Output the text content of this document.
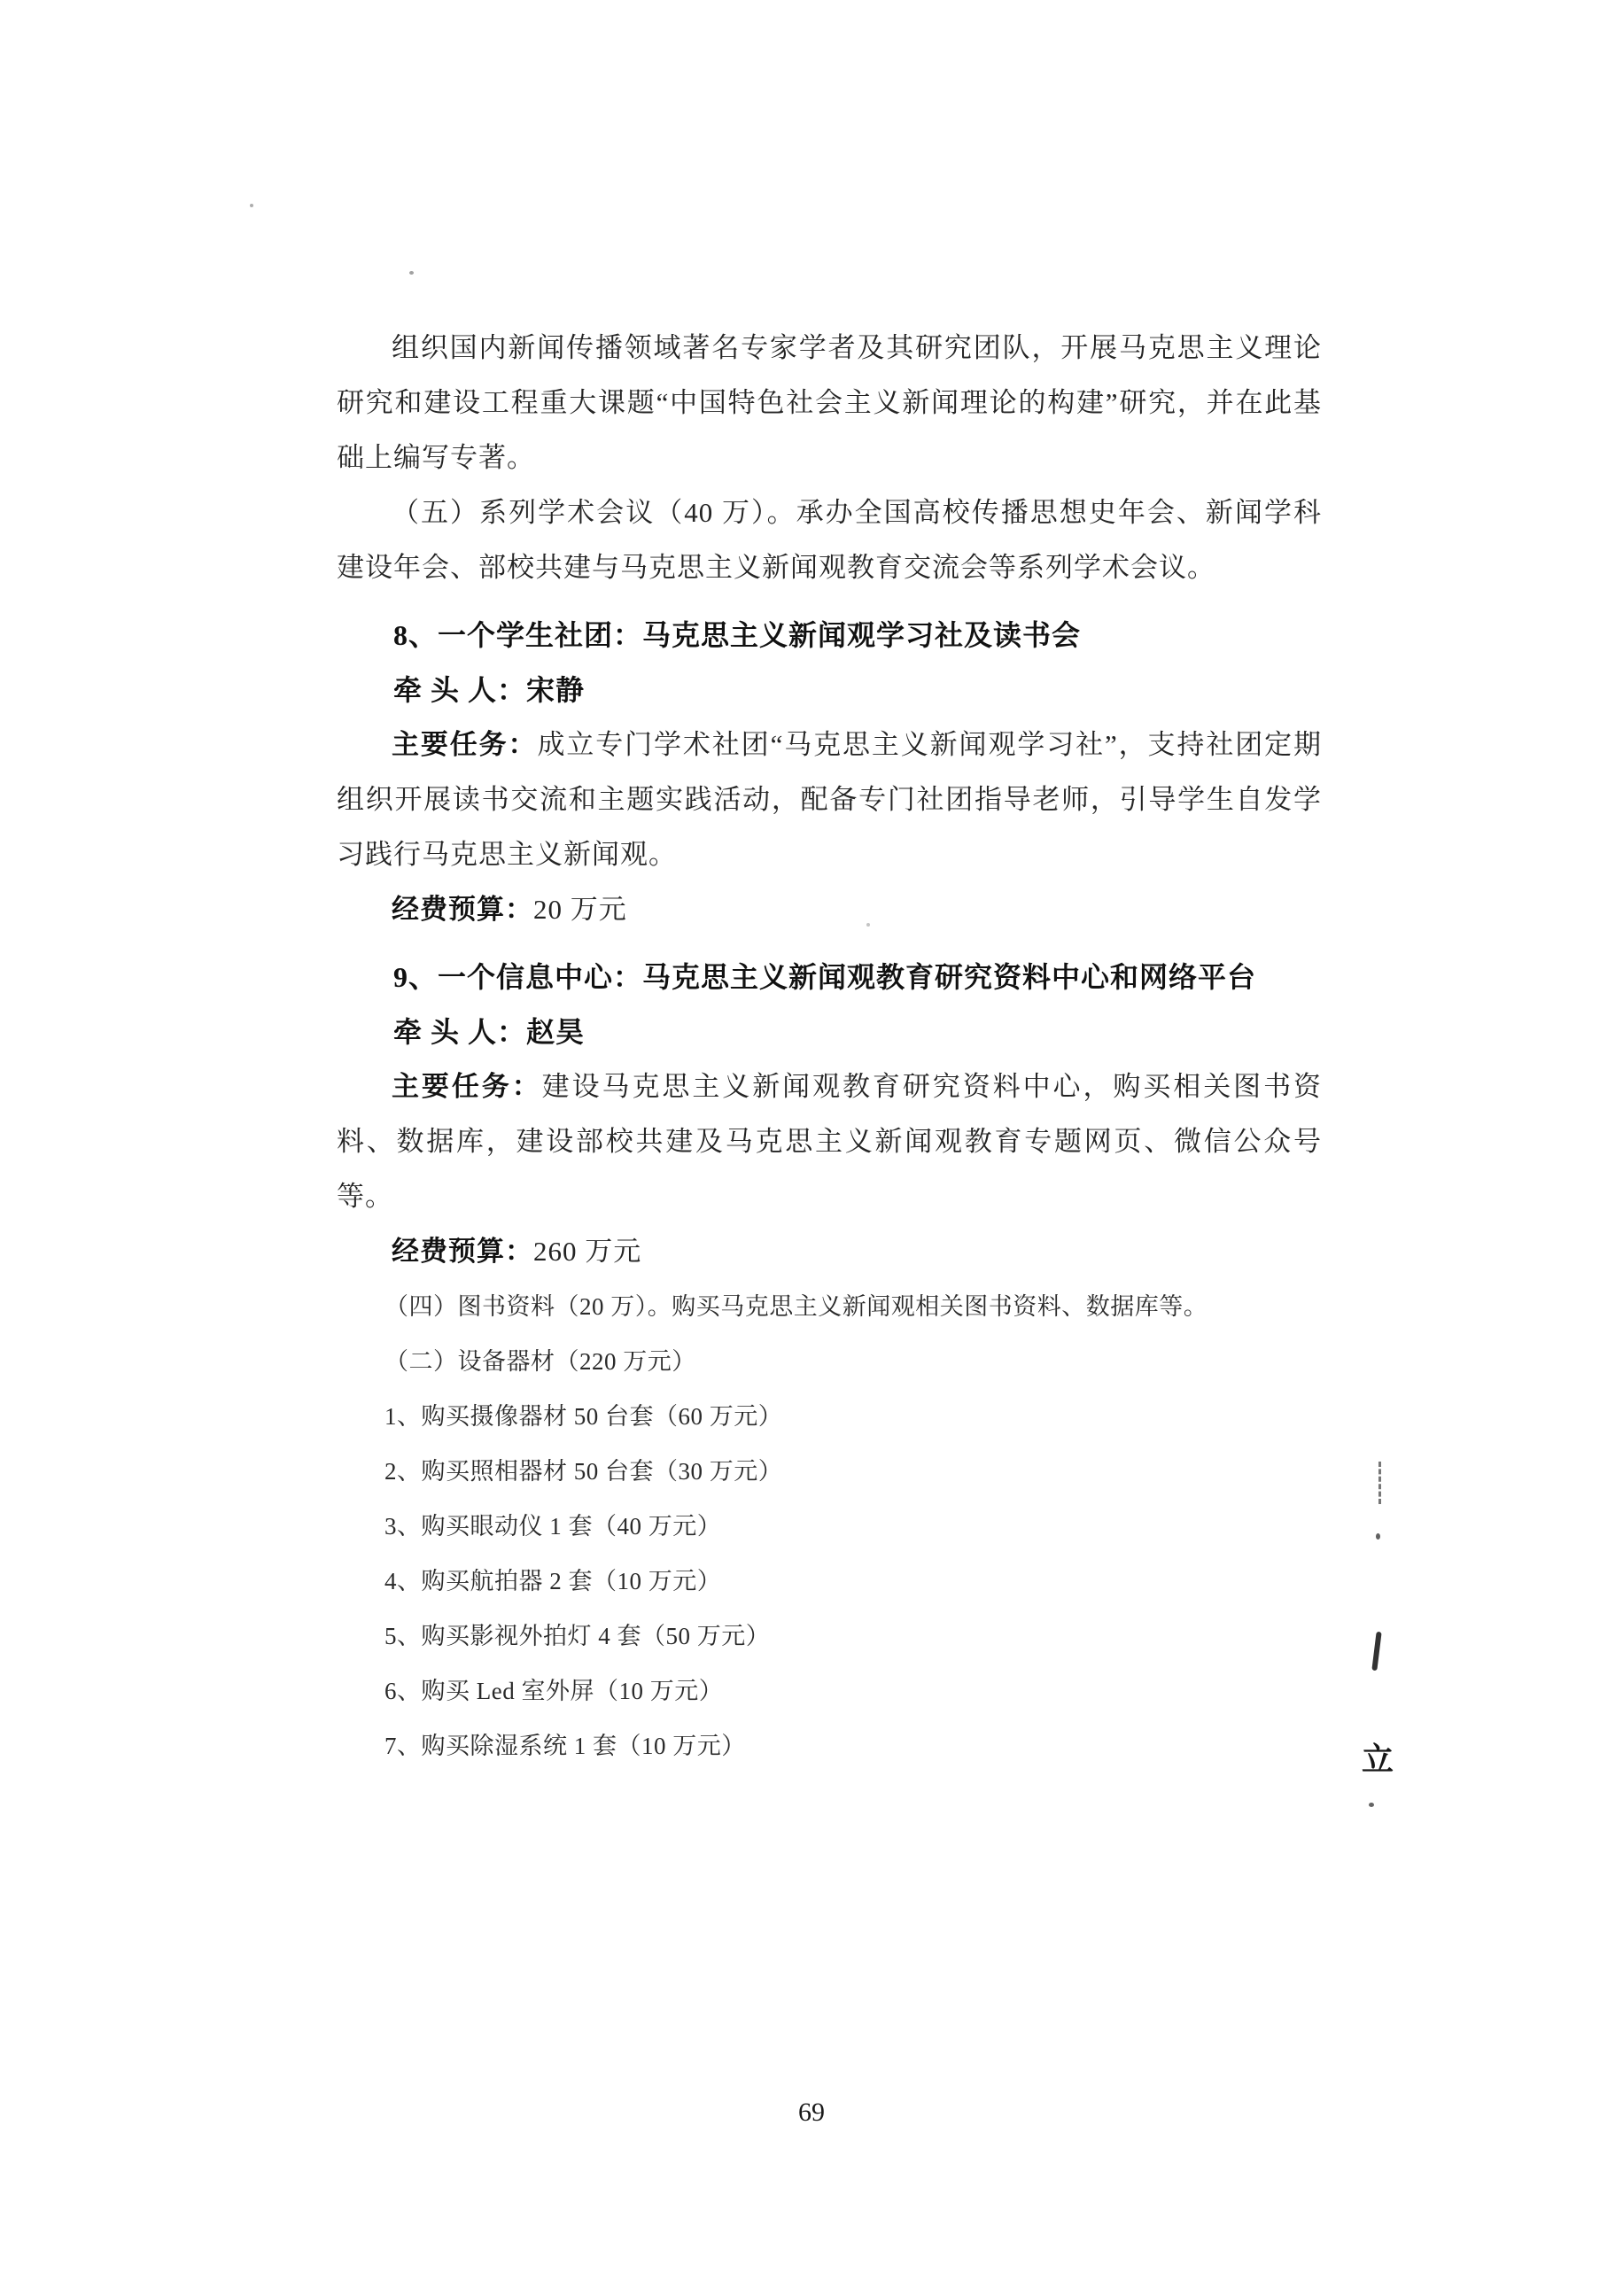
组织国内新闻传播领域著名专家学者及其研究团队，开展马克思主义理论研究和建设工程重大课题“中国特色社会主义新闻理论的构建”研究，并在此基础上编写专著。

（五）系列学术会议（40 万）。承办全国高校传播思想史年会、新闻学科建设年会、部校共建与马克思主义新闻观教育交流会等系列学术会议。

8、一个学生社团：马克思主义新闻观学习社及读书会

牵 头 人：宋静

主要任务：成立专门学术社团“马克思主义新闻观学习社”，支持社团定期组织开展读书交流和主题实践活动，配备专门社团指导老师，引导学生自发学习践行马克思主义新闻观。

经费预算：20 万元

9、一个信息中心：马克思主义新闻观教育研究资料中心和网络平台

牵 头 人：赵昊

主要任务：建设马克思主义新闻观教育研究资料中心，购买相关图书资料、数据库，建设部校共建及马克思主义新闻观教育专题网页、微信公众号等。

经费预算：260 万元

（四）图书资料（20 万）。购买马克思主义新闻观相关图书资料、数据库等。

（二）设备器材（220 万元）

1、购买摄像器材 50 台套（60 万元）

2、购买照相器材 50 台套（30 万元）

3、购买眼动仪 1 套（40 万元）

4、购买航拍器 2 套（10 万元）

5、购买影视外拍灯 4 套（50 万元）

6、购买 Led 室外屏（10 万元）

7、购买除湿系统 1 套（10 万元）

69
立
